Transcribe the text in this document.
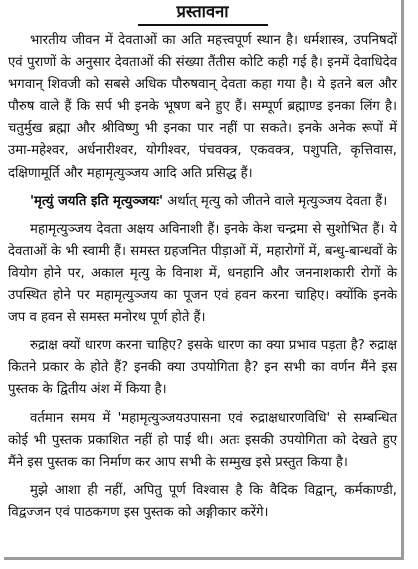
प्रस्तावना

भारतीय जीवन में देवताओं का अति महत्त्वपूर्ण स्थान है। धर्मशास्त्र, उपनिषदों एवं पुराणों के अनुसार देवताओं की संख्या तैंतीस कोटि कही गई है। इनमें देवाधिदेव भगवान् शिवजी को सबसे अधिक पौरुषवान् देवता कहा गया है। ये इतने बल और पौरुष वाले हैं कि सर्प भी इनके भूषण बने हुए हैं। सम्पूर्ण ब्रह्माण्ड इनका लिंग है। चतुर्मुख ब्रह्मा और श्रीविष्णु भी इनका पार नहीं पा सकते। इनके अनेक रूपों में उमा-महेश्वर, अर्धनारीश्वर, योगीश्वर, पंचवक्त्र, एकवक्त्र, पशुपति, कृत्तिवास, दक्षिणामूर्ति और महामृत्युञ्जय आदि अति प्रसिद्ध हैं।

'मृत्युं जयति इति मृत्युञ्जयः' अर्थात् मृत्यु को जीतने वाले मृत्युञ्जय देवता हैं।

महामृत्युञ्जय देवता अक्षय अविनाशी हैं। इनके केश चन्द्रमा से सुशोभित हैं। ये देवताओं के भी स्वामी हैं। समस्त ग्रहजनित पीड़ाओं में, महारोगों में, बन्धु-बान्धवों के वियोग होने पर, अकाल मृत्यु के विनाश में, धनहानि और जननाशकारी रोगों के उपस्थित होने पर महामृत्युञ्जय का पूजन एवं हवन करना चाहिए। क्योंकि इनके जप व हवन से समस्त मनोरथ पूर्ण होते हैं।

रुद्राक्ष क्यों धारण करना चाहिए? इसके धारण का क्या प्रभाव पड़ता है? रुद्राक्ष कितने प्रकार के होते हैं? इनकी क्या उपयोगिता है? इन सभी का वर्णन मैंने इस पुस्तक के द्वितीय अंश में किया है।

वर्तमान समय में 'महामृत्युञ्जयउपासना एवं रुद्राक्षधारणविधि' से सम्बन्धित कोई भी पुस्तक प्रकाशित नहीं हो पाई थी। अतः इसकी उपयोगिता को देखते हुए मैंने इस पुस्तक का निर्माण कर आप सभी के सम्मुख इसे प्रस्तुत किया है।

मुझे आशा ही नहीं, अपितु पूर्ण विश्वास है कि वैदिक विद्वान्, कर्मकाण्डी, विद्वज्जन एवं पाठकगण इस पुस्तक को अङ्गीकार करेंगे।
